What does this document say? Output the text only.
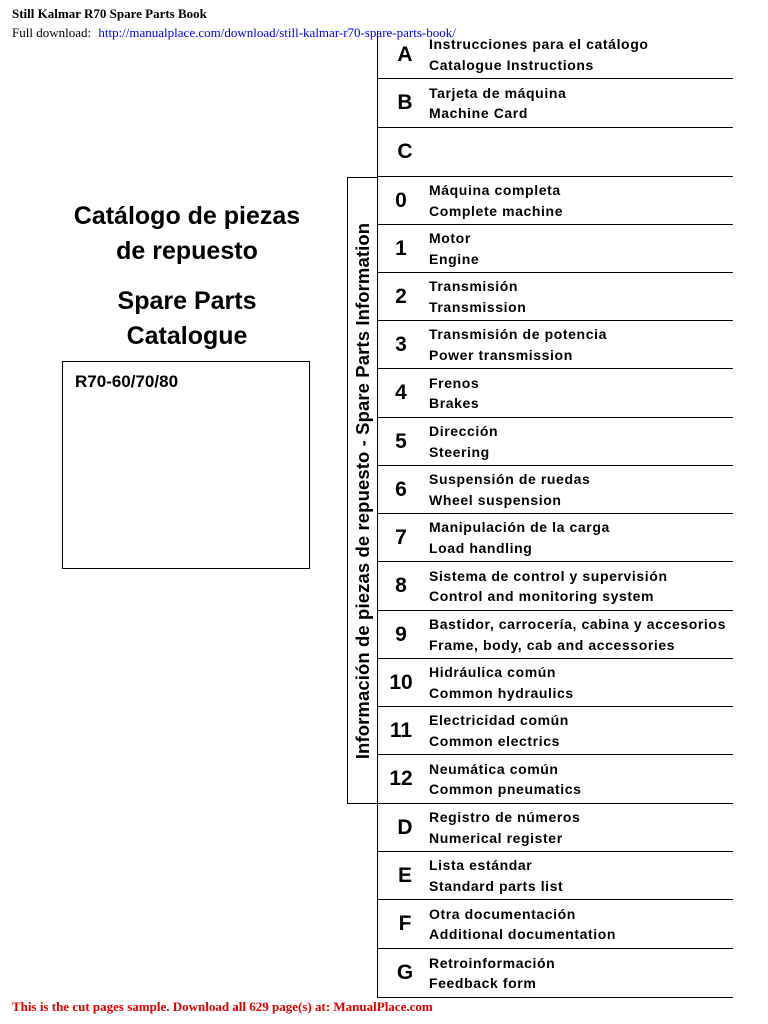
Still Kalmar R70 Spare Parts Book
Full download: http://manualplace.com/download/still-kalmar-r70-spare-parts-book/
Catálogo de piezas
de repuesto
Spare Parts
Catalogue
R70-60/70/80	Información de piezas de repuesto - Spare Parts Information
A	Instrucciones para el catálogo
Catalogue Instructions
B	Tarjeta de máquina
Machine Card
C
0	Máquina completa
Complete machine
1	Motor
Engine
2	Transmisión
Transmission
3	Transmisión de potencia
Power transmission
4	Frenos
Brakes
5	Dirección
Steering
6	Suspensión de ruedas
Wheel suspension
7	Manipulación de la carga
Load handling
8	Sistema de control y supervisión
Control and monitoring system
9	Bastidor, carrocería, cabina y accesorios
Frame, body, cab and accessories
10	Hidráulica común
Common hydraulics
11	Electricidad común
Common electrics
12	Neumática común
Common pneumatics
D	Registro de números
Numerical register
E	Lista estándar
Standard parts list
F	Otra documentación
Additional documentation
G	Retroinformación
Feedback form
This is the cut pages sample. Download all 629 page(s) at: ManualPlace.com
